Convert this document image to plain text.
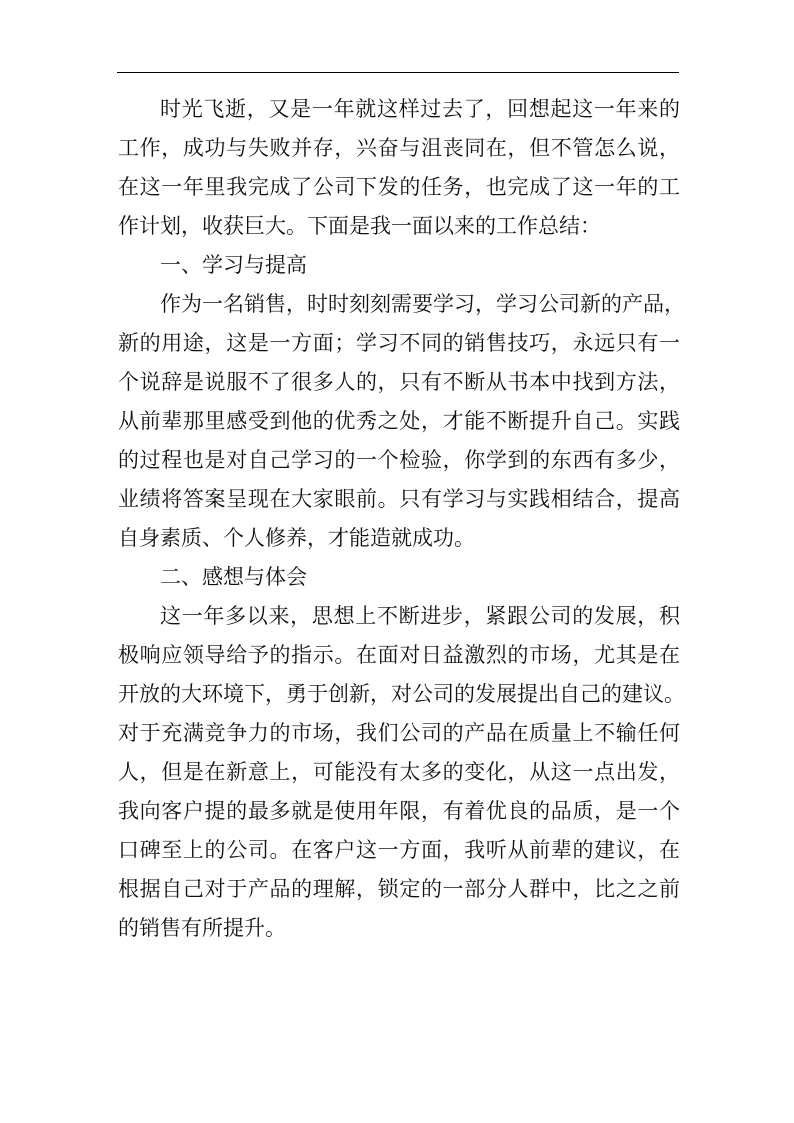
时光飞逝，又是一年就这样过去了，回想起这一年来的
工作，成功与失败并存，兴奋与沮丧同在，但不管怎么说，
在这一年里我完成了公司下发的任务，也完成了这一年的工
作计划，收获巨大。下面是我一面以来的工作总结：
一、学习与提高
作为一名销售，时时刻刻需要学习，学习公司新的产品，
新的用途，这是一方面；学习不同的销售技巧，永远只有一
个说辞是说服不了很多人的，只有不断从书本中找到方法，
从前辈那里感受到他的优秀之处，才能不断提升自己。实践
的过程也是对自己学习的一个检验，你学到的东西有多少，
业绩将答案呈现在大家眼前。只有学习与实践相结合，提高
自身素质、个人修养，才能造就成功。
二、感想与体会
这一年多以来，思想上不断进步，紧跟公司的发展，积
极响应领导给予的指示。在面对日益激烈的市场，尤其是在
开放的大环境下，勇于创新，对公司的发展提出自己的建议。
对于充满竞争力的市场，我们公司的产品在质量上不输任何
人，但是在新意上，可能没有太多的变化，从这一点出发，
我向客户提的最多就是使用年限，有着优良的品质，是一个
口碑至上的公司。在客户这一方面，我听从前辈的建议，在
根据自己对于产品的理解，锁定的一部分人群中，比之之前
的销售有所提升。
